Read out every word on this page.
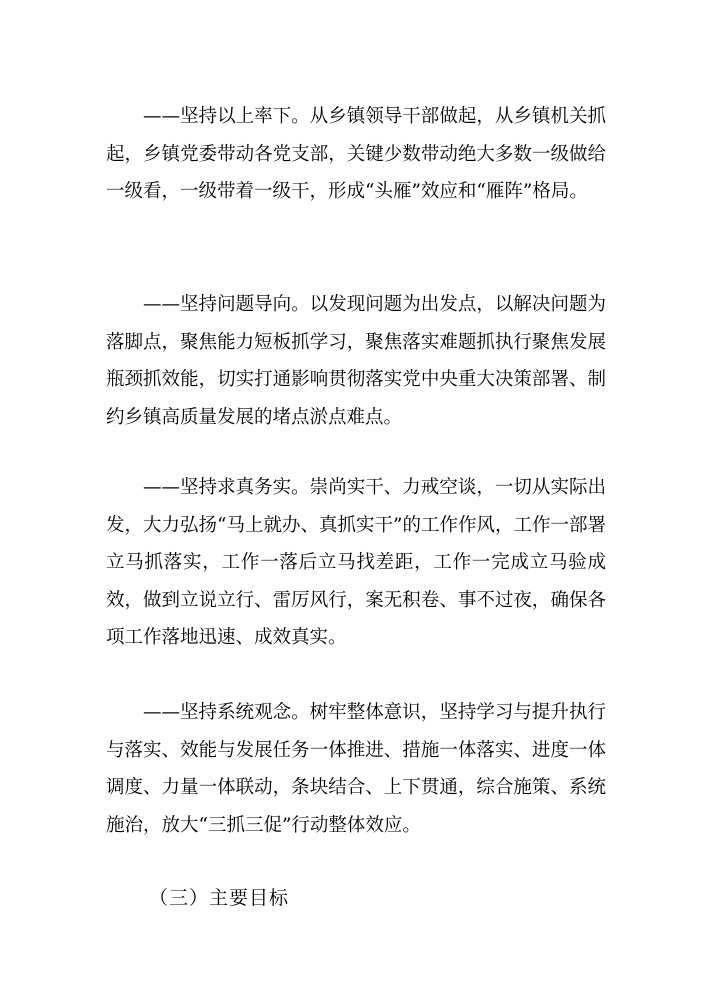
——坚持以上率下。从乡镇领导干部做起，从乡镇机关抓起，乡镇党委带动各党支部，关键少数带动绝大多数一级做给一级看，一级带着一级干，形成“头雁”效应和“雁阵”格局。

——坚持问题导向。以发现问题为出发点，以解决问题为落脚点，聚焦能力短板抓学习，聚焦落实难题抓执行聚焦发展瓶颈抓效能，切实打通影响贯彻落实党中央重大决策部署、制约乡镇高质量发展的堵点淤点难点。

——坚持求真务实。崇尚实干、力戒空谈，一切从实际出发，大力弘扬“马上就办、真抓实干”的工作作风，工作一部署立马抓落实，工作一落后立马找差距，工作一完成立马验成效，做到立说立行、雷厉风行，案无积卷、事不过夜，确保各项工作落地迅速、成效真实。

——坚持系统观念。树牢整体意识，坚持学习与提升执行与落实、效能与发展任务一体推进、措施一体落实、进度一体调度、力量一体联动，条块结合、上下贯通，综合施策、系统施治，放大“三抓三促”行动整体效应。

（三）主要目标
